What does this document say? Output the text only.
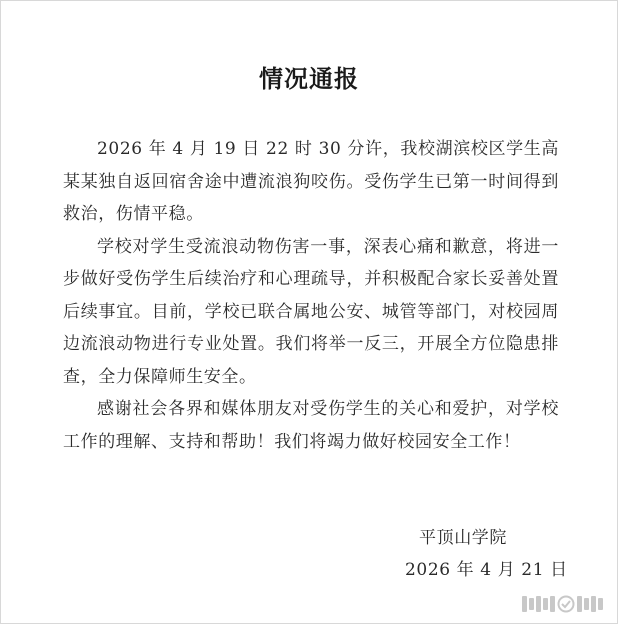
情况通报

2026 年 4 月 19 日 22 时 30 分许，我校湖滨校区学生高某某独自返回宿舍途中遭流浪狗咬伤。受伤学生已第一时间得到救治，伤情平稳。

学校对学生受流浪动物伤害一事，深表心痛和歉意，将进一步做好受伤学生后续治疗和心理疏导，并积极配合家长妥善处置后续事宜。目前，学校已联合属地公安、城管等部门，对校园周边流浪动物进行专业处置。我们将举一反三，开展全方位隐患排查，全力保障师生安全。

感谢社会各界和媒体朋友对受伤学生的关心和爱护，对学校工作的理解、支持和帮助！我们将竭力做好校园安全工作！

平顶山学院
2026 年 4 月 21 日
